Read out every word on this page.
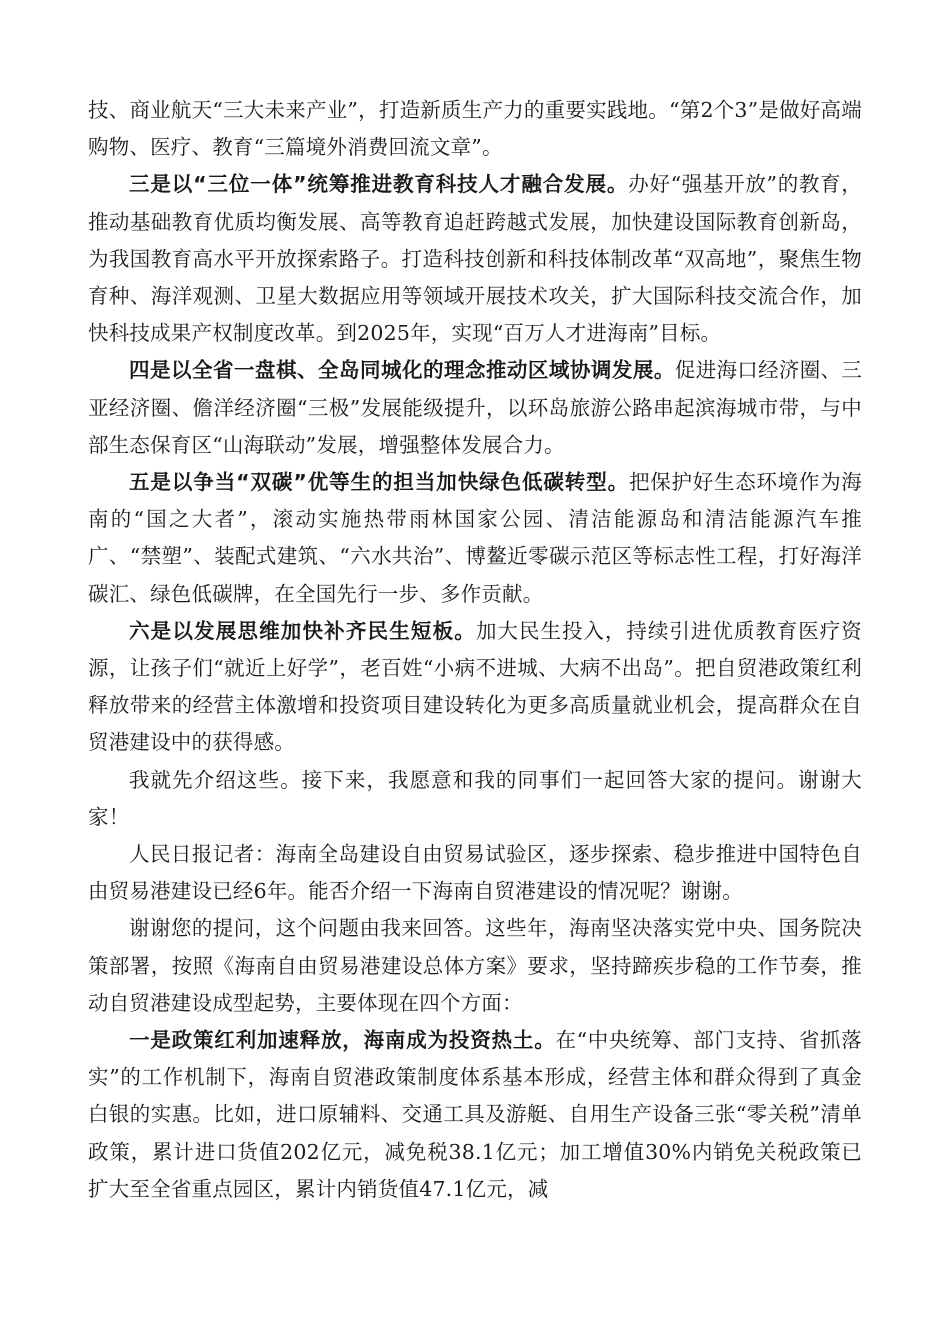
技、商业航天“三大未来产业”，打造新质生产力的重要实践地。“第2个3”是做好高端购物、医疗、教育“三篇境外消费回流文章”。

三是以“三位一体”统筹推进教育科技人才融合发展。办好“强基开放”的教育，推动基础教育优质均衡发展、高等教育追赶跨越式发展，加快建设国际教育创新岛，为我国教育高水平开放探索路子。打造科技创新和科技体制改革“双高地”，聚焦生物育种、海洋观测、卫星大数据应用等领域开展技术攻关，扩大国际科技交流合作，加快科技成果产权制度改革。到2025年，实现“百万人才进海南”目标。

四是以全省一盘棋、全岛同城化的理念推动区域协调发展。促进海口经济圈、三亚经济圈、儋洋经济圈“三极”发展能级提升，以环岛旅游公路串起滨海城市带，与中部生态保育区“山海联动”发展，增强整体发展合力。

五是以争当“双碳”优等生的担当加快绿色低碳转型。把保护好生态环境作为海南的“国之大者”，滚动实施热带雨林国家公园、清洁能源岛和清洁能源汽车推广、“禁塑”、装配式建筑、“六水共治”、博鳌近零碳示范区等标志性工程，打好海洋碳汇、绿色低碳牌，在全国先行一步、多作贡献。

六是以发展思维加快补齐民生短板。加大民生投入，持续引进优质教育医疗资源，让孩子们“就近上好学”，老百姓“小病不进城、大病不出岛”。把自贸港政策红利释放带来的经营主体激增和投资项目建设转化为更多高质量就业机会，提高群众在自贸港建设中的获得感。

我就先介绍这些。接下来，我愿意和我的同事们一起回答大家的提问。谢谢大家！

人民日报记者：海南全岛建设自由贸易试验区，逐步探索、稳步推进中国特色自由贸易港建设已经6年。能否介绍一下海南自贸港建设的情况呢？谢谢。

谢谢您的提问，这个问题由我来回答。这些年，海南坚决落实党中央、国务院决策部署，按照《海南自由贸易港建设总体方案》要求，坚持蹄疾步稳的工作节奏，推动自贸港建设成型起势，主要体现在四个方面：

一是政策红利加速释放，海南成为投资热土。在“中央统筹、部门支持、省抓落实”的工作机制下，海南自贸港政策制度体系基本形成，经营主体和群众得到了真金白银的实惠。比如，进口原辅料、交通工具及游艇、自用生产设备三张“零关税”清单政策，累计进口货值202亿元，减免税38.1亿元；加工增值30%内销免关税政策已扩大至全省重点园区，累计内销货值47.1亿元，减
